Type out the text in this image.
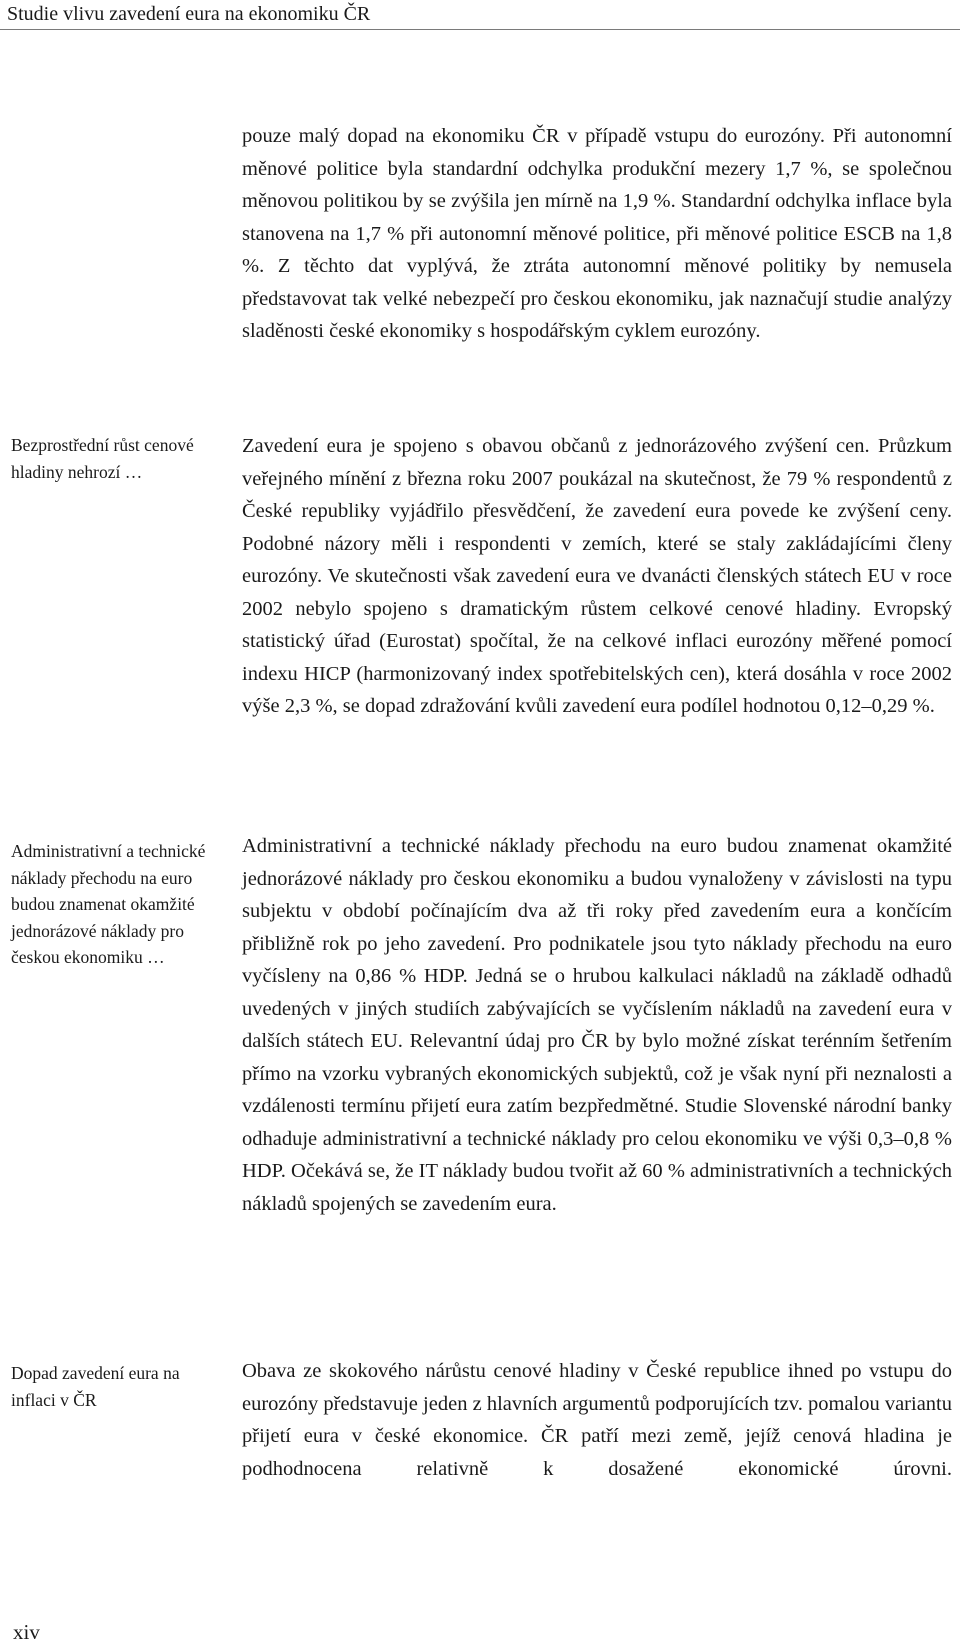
Studie vlivu zavedení eura na ekonomiku ČR
Bezprostřední růst cenové hladiny nehrozí …
Administrativní a technické náklady přechodu na euro budou znamenat okamžité jednorázové náklady pro českou ekonomiku …
Dopad zavedení eura na inflaci v ČR
pouze malý dopad na ekonomiku ČR v případě vstupu do eurozóny. Při autonomní měnové politice byla standardní odchylka produkční mezery 1,7 %, se společnou měnovou politikou by se zvýšila jen mírně na 1,9 %. Standardní odchylka inflace byla stanovena na 1,7 % při autonomní měnové politice, při měnové politice ESCB na 1,8 %. Z těchto dat vyplývá, že ztráta autonomní měnové politiky by nemusela představovat tak velké nebezpečí pro českou ekonomiku, jak naznačují studie analýzy sladěnosti české ekonomiky s hospodářským cyklem eurozóny.
Zavedení eura je spojeno s obavou občanů z jednorázového zvýšení cen. Průzkum veřejného mínění z března roku 2007 poukázal na skutečnost, že 79 % respondentů z České republiky vyjádřilo přesvědčení, že zavedení eura povede ke zvýšení ceny. Podobné názory měli i respondenti v zemích, které se staly zakládajícími členy eurozóny. Ve skutečnosti však zavedení eura ve dvanácti členských státech EU v roce 2002 nebylo spojeno s dramatickým růstem celkové cenové hladiny. Evropský statistický úřad (Eurostat) spočítal, že na celkové inflaci eurozóny měřené pomocí indexu HICP (harmonizovaný index spotřebitelských cen), která dosáhla v roce 2002 výše 2,3 %, se dopad zdražování kvůli zavedení eura podílel hodnotou 0,12–0,29 %.
Administrativní a technické náklady přechodu na euro budou znamenat okamžité jednorázové náklady pro českou ekonomiku a budou vynaloženy v závislosti na typu subjektu v období počínajícím dva až tři roky před zavedením eura a končícím přibližně rok po jeho zavedení. Pro podnikatele jsou tyto náklady přechodu na euro vyčísleny na 0,86 % HDP. Jedná se o hrubou kalkulaci nákladů na základě odhadů uvedených v jiných studiích zabývajících se vyčíslením nákladů na zavedení eura v dalších státech EU. Relevantní údaj pro ČR by bylo možné získat terénním šetřením přímo na vzorku vybraných ekonomických subjektů, což je však nyní při neznalosti a vzdálenosti termínu přijetí eura zatím bezpředmětné. Studie Slovenské národní banky odhaduje administrativní a technické náklady pro celou ekonomiku ve výši 0,3–0,8 % HDP. Očekává se, že IT náklady budou tvořit až 60 % administrativních a technických nákladů spojených se zavedením eura.
Obava ze skokového nárůstu cenové hladiny v České republice ihned po vstupu do eurozóny představuje jeden z hlavních argumentů podporujících tzv. pomalou variantu přijetí eura v české ekonomice. ČR patří mezi země, jejíž cenová hladina je podhodnocena relativně k dosažené ekonomické úrovni.
xiv
